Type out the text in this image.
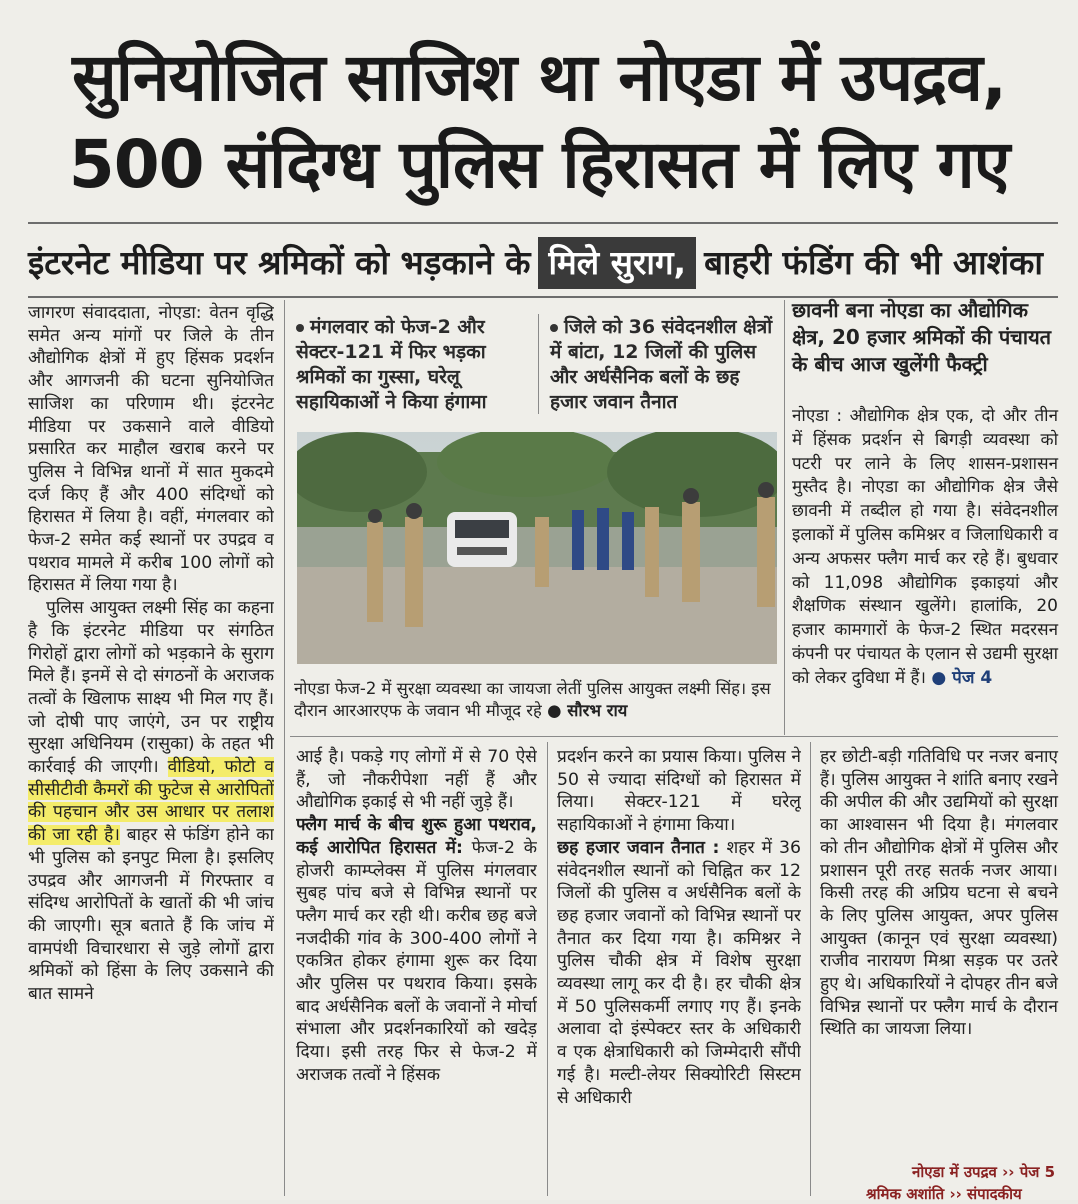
सुनियोजित साजिश था नोएडा में उपद्रव,
500 संदिग्ध पुलिस हिरासत में लिए गए
इंटरनेट मीडिया पर श्रमिकों को भड़काने के मिले सुराग, बाहरी फंडिंग की भी आशंका

जागरण संवाददाता, नोएडा: वेतन वृद्धि समेत अन्य मांगों पर जिले के तीन औद्योगिक क्षेत्रों में हुए हिंसक प्रदर्शन और आगजनी की घटना सुनियोजित साजिश का परिणाम थी। इंटरनेट मीडिया पर उकसाने वाले वीडियो प्रसारित कर माहौल खराब करने पर पुलिस ने विभिन्न थानों में सात मुकदमे दर्ज किए हैं और 400 संदिग्धों को हिरासत में लिया है। वहीं, मंगलवार को फेज-2 समेत कई स्थानों पर उपद्रव व पथराव मामले में करीब 100 लोगों को हिरासत में लिया गया है।

पुलिस आयुक्त लक्ष्मी सिंह का कहना है कि इंटरनेट मीडिया पर संगठित गिरोहों द्वारा लोगों को भड़काने के सुराग मिले हैं। इनमें से दो संगठनों के अराजक तत्वों के खिलाफ साक्ष्य भी मिल गए हैं। जो दोषी पाए जाएंगे, उन पर राष्ट्रीय सुरक्षा अधिनियम (रासुका) के तहत भी कार्रवाई की जाएगी। वीडियो, फोटो व सीसीटीवी कैमरों की फुटेज से आरोपितों की पहचान और उस आधार पर तलाश की जा रही है। बाहर से फंडिंग होने का भी पुलिस को इनपुट मिला है। इसलिए उपद्रव और आगजनी में गिरफ्तार व संदिग्ध आरोपितों के खातों की भी जांच की जाएगी। सूत्र बताते हैं कि जांच में वामपंथी विचारधारा से जुड़े लोगों द्वारा श्रमिकों को हिंसा के लिए उकसाने की बात सामने

मंगलवार को फेज-2 और सेक्टर-121 में फिर भड़का श्रमिकों का गुस्सा, घरेलू सहायिकाओं ने किया हंगामा
जिले को 36 संवेदनशील क्षेत्रों में बांटा, 12 जिलों की पुलिस और अर्धसैनिक बलों के छह हजार जवान तैनात
नोएडा फेज-2 में सुरक्षा व्यवस्था का जायजा लेतीं पुलिस आयुक्त लक्ष्मी सिंह। इस दौरान आरआरएफ के जवान भी मौजूद रहे ● सौरभ राय
छावनी बना नोएडा का औद्योगिक क्षेत्र, 20 हजार श्रमिकों की पंचायत के बीच आज खुलेंगी फैक्ट्री

नोएडा : औद्योगिक क्षेत्र एक, दो और तीन में हिंसक प्रदर्शन से बिगड़ी व्यवस्था को पटरी पर लाने के लिए शासन-प्रशासन मुस्तैद है। नोएडा का औद्योगिक क्षेत्र जैसे छावनी में तब्दील हो गया है। संवेदनशील इलाकों में पुलिस कमिश्नर व जिलाधिकारी व अन्य अफसर फ्लैग मार्च कर रहे हैं। बुधवार को 11,098 औद्योगिक इकाइयां और शैक्षणिक संस्थान खुलेंगे। हालांकि, 20 हजार कामगारों के फेज-2 स्थित मदरसन कंपनी पर पंचायत के एलान से उद्यमी सुरक्षा को लेकर दुविधा में हैं। ● पेज 4

आई है। पकड़े गए लोगों में से 70 ऐसे हैं, जो नौकरीपेशा नहीं हैं और औद्योगिक इकाई से भी नहीं जुड़े हैं।

फ्लैग मार्च के बीच शुरू हुआ पथराव, कई आरोपित हिरासत में: फेज-2 के होजरी काम्प्लेक्स में पुलिस मंगलवार सुबह पांच बजे से विभिन्न स्थानों पर फ्लैग मार्च कर रही थी। करीब छह बजे नजदीकी गांव के 300-400 लोगों ने एकत्रित होकर हंगामा शुरू कर दिया और पुलिस पर पथराव किया। इसके बाद अर्धसैनिक बलों के जवानों ने मोर्चा संभाला और प्रदर्शनकारियों को खदेड़ दिया। इसी तरह फिर से फेज-2 में अराजक तत्वों ने हिंसक

प्रदर्शन करने का प्रयास किया। पुलिस ने 50 से ज्यादा संदिग्धों को हिरासत में लिया। सेक्टर-121 में घरेलू सहायिकाओं ने हंगामा किया।

छह हजार जवान तैनात : शहर में 36 संवेदनशील स्थानों को चिह्नित कर 12 जिलों की पुलिस व अर्धसैनिक बलों के छह हजार जवानों को विभिन्न स्थानों पर तैनात कर दिया गया है। कमिश्नर ने पुलिस चौकी क्षेत्र में विशेष सुरक्षा व्यवस्था लागू कर दी है। हर चौकी क्षेत्र में 50 पुलिसकर्मी लगाए गए हैं। इनके अलावा दो इंस्पेक्टर स्तर के अधिकारी व एक क्षेत्राधिकारी को जिम्मेदारी सौंपी गई है। मल्टी-लेयर सिक्योरिटी सिस्टम से अधिकारी

हर छोटी-बड़ी गतिविधि पर नजर बनाए हैं। पुलिस आयुक्त ने शांति बनाए रखने की अपील की और उद्यमियों को सुरक्षा का आश्वासन भी दिया है। मंगलवार को तीन औद्योगिक क्षेत्रों में पुलिस और प्रशासन पूरी तरह सतर्क नजर आया। किसी तरह की अप्रिय घटना से बचने के लिए पुलिस आयुक्त, अपर पुलिस आयुक्त (कानून एवं सुरक्षा व्यवस्था) राजीव नारायण मिश्रा सड़क पर उतरे हुए थे। अधिकारियों ने दोपहर तीन बजे विभिन्न स्थानों पर फ्लैग मार्च के दौरान स्थिति का जायजा लिया।

नोएडा में उपद्रव ›› पेज 5
श्रमिक अशांति ›› संपादकीय
